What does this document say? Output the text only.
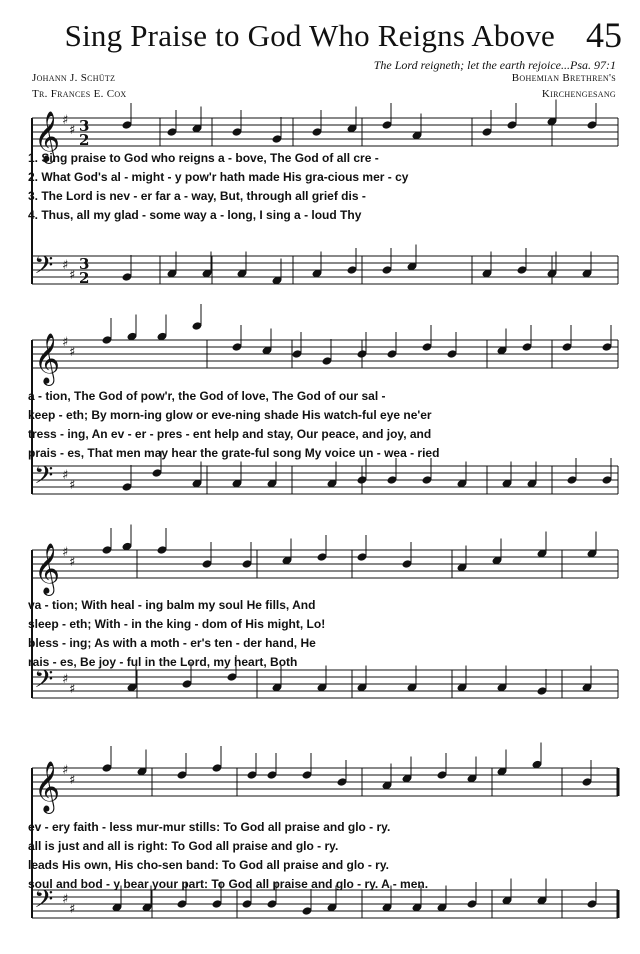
Sing Praise to God Who Reigns Above 45
The Lord reigneth; let the earth rejoice...Psa. 97:1
Johann J. Schütz
Tr. Frances E. Cox
Bohemian Brethren's
Kirchengesang
𝄞 ♯
♯ 3
2
𝄢 ♯
♯
3
2
𝄞 ♯
♯
𝄢 ♯
♯
𝄞 ♯
♯
𝄢 ♯
♯
𝄞 ♯
♯
𝄢 ♯
♯
1. Sing praise to God who reigns a - bove, The God of all cre -
2. What God's al - might - y pow'r hath made His gra-cious mer - cy
3. The Lord is nev - er far a - way, But, through all grief dis -
4. Thus, all my glad - some way a - long, I sing a - loud Thy
a - tion, The God of pow'r, the God of love, The God of our sal -
keep - eth; By morn-ing glow or eve-ning shade His watch-ful eye ne'er
tress - ing, An ev - er - pres - ent help and stay, Our peace, and joy, and
prais - es, That men may hear the grate-ful song My voice un - wea - ried
va - tion; With heal - ing balm my soul He fills, And
sleep - eth; With - in the king - dom of His might, Lo!
bless - ing; As with a moth - er's ten - der hand, He
rais - es, Be joy - ful in the Lord, my heart, Both
ev - ery faith - less mur-mur stills: To God all praise and glo - ry.
all is just and all is right: To God all praise and glo - ry.
leads His own, His cho-sen band: To God all praise and glo - ry.
soul and bod - y bear your part: To God all praise and glo - ry. A - men.
